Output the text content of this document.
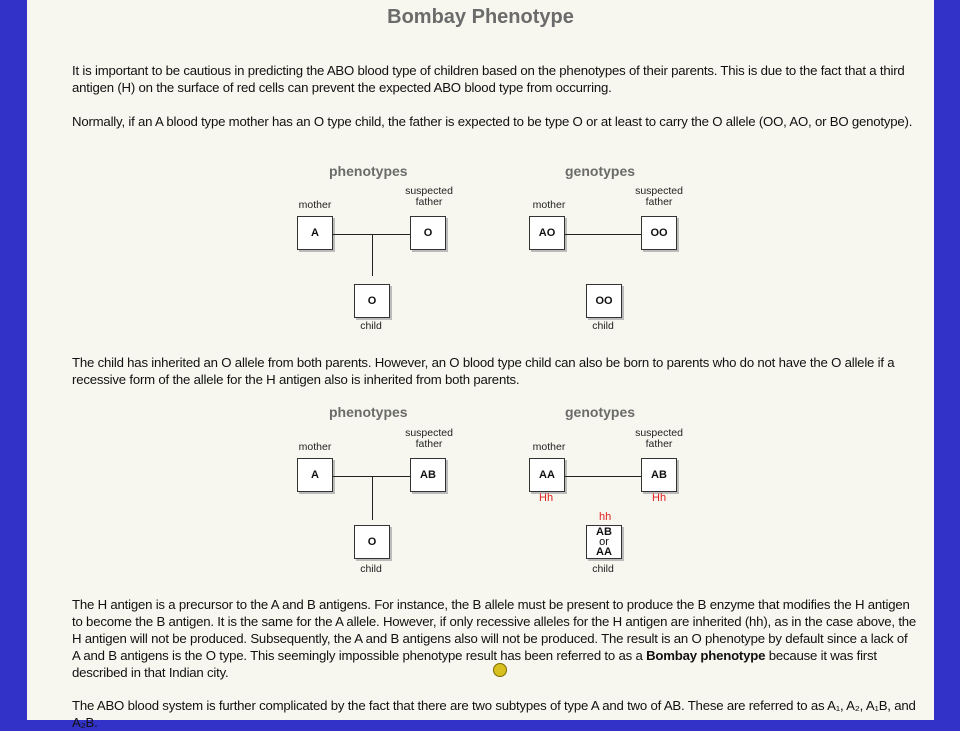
Bombay Phenotype
It is important to be cautious in predicting the ABO blood type of children based on the phenotypes of their parents. This is due to the fact that a third antigen (H) on the surface of red cells can prevent the expected ABO blood type from occurring.
Normally, if an A blood type mother has an O type child, the father is expected to be type O or at least to carry the O allele (OO, AO, or BO genotype).
phenotypes	genotypes
mother
suspected father
A	O
O
child
mother
suspected father
AO	OO
OO
child
The child has inherited an O allele from both parents. However, an O blood type child can also be born to parents who do not have the O allele if a recessive form of the allele for the H antigen also is inherited from both parents.
phenotypes	genotypes
mother
suspected father
A	AB
O
child
mother
suspected father
AA	AB
Hh	Hh
hh
AB
or
AA
child
The H antigen is a precursor to the A and B antigens. For instance, the B allele must be present to produce the B enzyme that modifies the H antigen to become the B antigen. It is the same for the A allele. However, if only recessive alleles for the H antigen are inherited (hh), as in the case above, the H antigen will not be produced. Subsequently, the A and B antigens also will not be produced. The result is an O phenotype by default since a lack of A and B antigens is the O type. This seemingly impossible phenotype result has been referred to as a Bombay phenotype because it was first described in that Indian city.
The ABO blood system is further complicated by the fact that there are two subtypes of type A and two of AB. These are referred to as A₁, A₂, A₁B, and A₂B.
